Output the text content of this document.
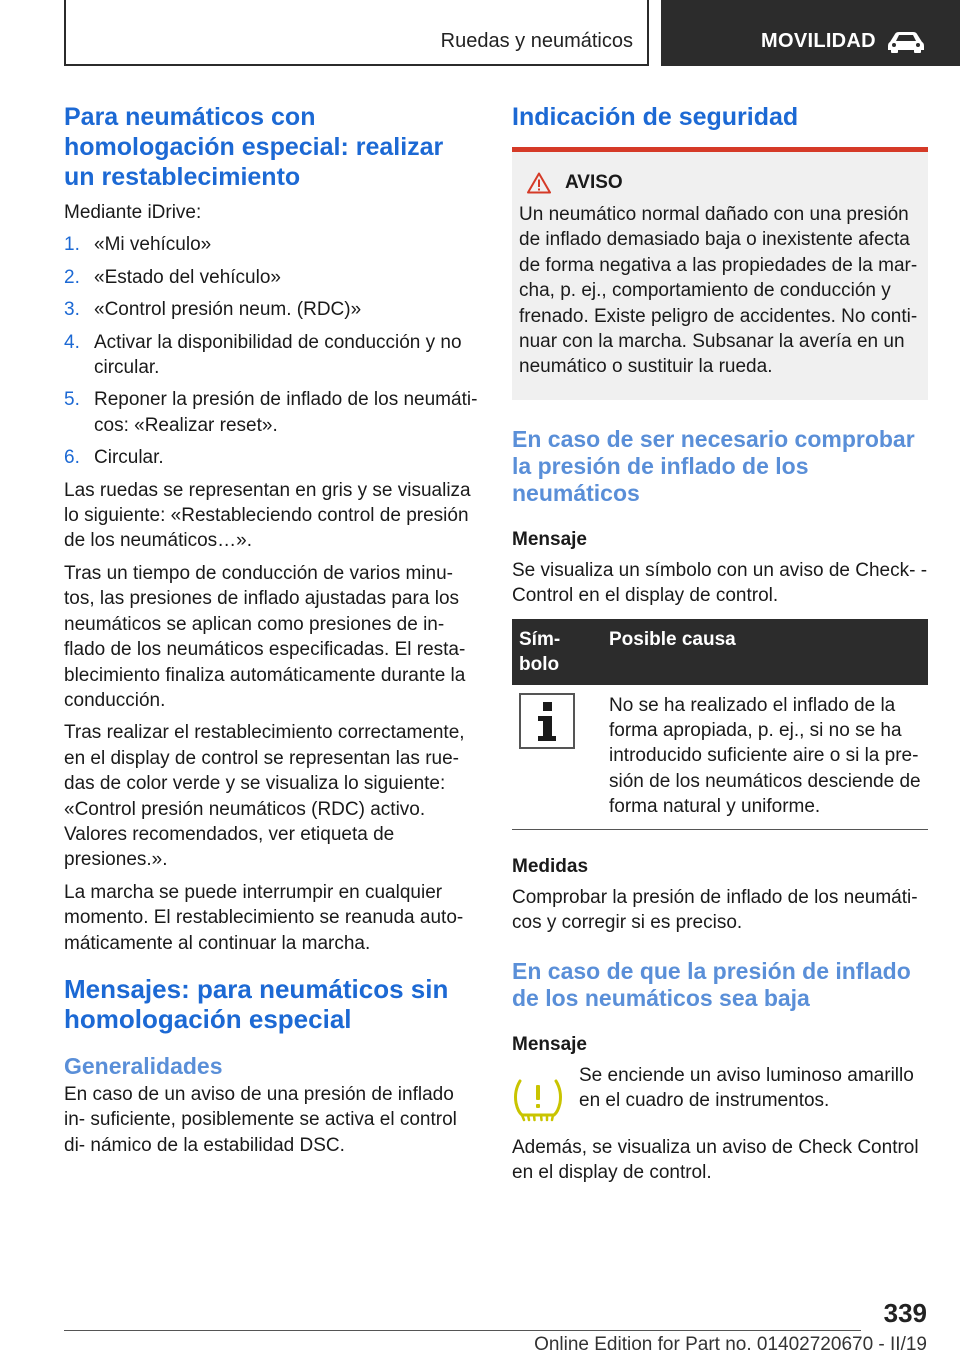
Ruedas y neumáticos	MOVILIDAD
Para neumáticos con homologación especial: realizar un restablecimiento

Mediante iDrive:

1. «Mi vehículo»
2. «Estado del vehículo»
3. «Control presión neum. (RDC)»
4. Activar la disponibilidad de conducción y no circular.
5. Reponer la presión de inflado de los neumáti- cos: «Realizar reset».
6. Circular.

Las ruedas se representan en gris y se visualiza lo siguiente: «Restableciendo control de presión de los neumáticos…».

Tras un tiempo de conducción de varios minu- tos, las presiones de inflado ajustadas para los neumáticos se aplican como presiones de in- flado de los neumáticos especificadas. El resta- blecimiento finaliza automáticamente durante la conducción.

Tras realizar el restablecimiento correctamente, en el display de control se representan las rue- das de color verde y se visualiza lo siguiente: «Control presión neumáticos (RDC) activo. Valores recomendados, ver etiqueta de presiones.».

La marcha se puede interrumpir en cualquier momento. El restablecimiento se reanuda auto- máticamente al continuar la marcha.

Mensajes: para neumáticos sin homologación especial
Generalidades

En caso de un aviso de una presión de inflado in- suficiente, posiblemente se activa el control di- námico de la estabilidad DSC.

Indicación de seguridad
AVISO

Un neumático normal dañado con una presión de inflado demasiado baja o inexistente afecta de forma negativa a las propiedades de la mar- cha, p. ej., comportamiento de conducción y frenado. Existe peligro de accidentes. No conti- nuar con la marcha. Subsanar la avería en un neumático o sustituir la rueda.

En caso de ser necesario comprobar la presión de inflado de los neumáticos
Mensaje

Se visualiza un símbolo con un aviso de Check- -Control en el display de control.

Sím- bolo	Posible causa
	No se ha realizado el inflado de la forma apropiada, p. ej., si no se ha introducido suficiente aire o si la pre- sión de los neumáticos desciende de forma natural y uniforme.
Medidas

Comprobar la presión de inflado de los neumáti- cos y corregir si es preciso.

En caso de que la presión de inflado de los neumáticos sea baja
Mensaje

Se enciende un aviso luminoso amarillo en el cuadro de instrumentos.

Además, se visualiza un aviso de Check Control en el display de control.

339
Online Edition for Part no. 01402720670 - II/19
